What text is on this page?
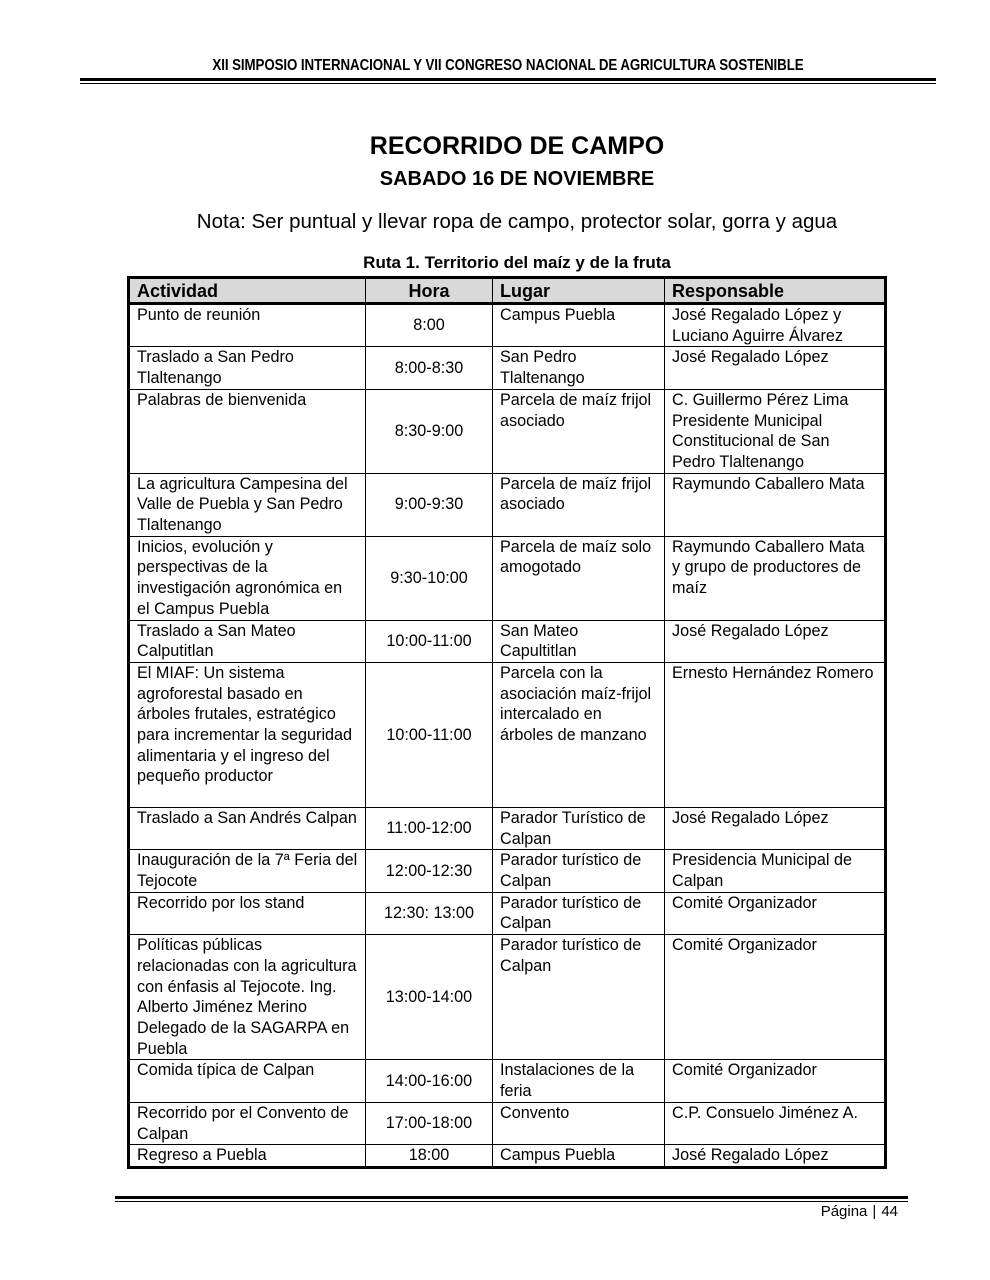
XII SIMPOSIO INTERNACIONAL Y VII CONGRESO NACIONAL DE AGRICULTURA SOSTENIBLE
RECORRIDO DE CAMPO
SABADO 16 DE NOVIEMBRE
Nota: Ser puntual y llevar ropa de campo, protector solar, gorra y agua
Ruta 1. Territorio del maíz y de la fruta
Actividad	Hora	Lugar	Responsable
Punto de reunión	8:00	Campus Puebla	José Regalado López y Luciano Aguirre Álvarez
Traslado a San Pedro Tlaltenango	8:00-8:30	San Pedro Tlaltenango	José Regalado López
Palabras de bienvenida	8:30-9:00	Parcela de maíz frijol asociado	C. Guillermo Pérez Lima Presidente Municipal Constitucional de San Pedro Tlaltenango
La agricultura Campesina del Valle de Puebla y San Pedro Tlaltenango	9:00-9:30	Parcela de maíz frijol asociado	Raymundo Caballero Mata
Inicios, evolución y perspectivas de la investigación agronómica en el Campus Puebla	9:30-10:00	Parcela de maíz solo amogotado	Raymundo Caballero Mata y grupo de productores de maíz
Traslado a San Mateo Calputitlan	10:00-11:00	San Mateo Capultitlan	José Regalado López
El MIAF: Un sistema agroforestal basado en árboles frutales, estratégico para incrementar la seguridad alimentaria y el ingreso del pequeño productor	10:00-11:00	Parcela con la asociación maíz-frijol intercalado en árboles de manzano	Ernesto Hernández Romero
Traslado a San Andrés Calpan	11:00-12:00	Parador Turístico de Calpan	José Regalado López
Inauguración de la 7ª Feria del Tejocote	12:00-12:30	Parador turístico de Calpan	Presidencia Municipal de Calpan
Recorrido por los stand	12:30: 13:00	Parador turístico de Calpan	Comité Organizador
Políticas públicas relacionadas con la agricultura con énfasis al Tejocote. Ing. Alberto Jiménez Merino Delegado de la SAGARPA en Puebla	13:00-14:00	Parador turístico de Calpan	Comité Organizador
Comida típica de Calpan	14:00-16:00	Instalaciones de la feria	Comité Organizador
Recorrido por el Convento de Calpan	17:00-18:00	Convento	C.P. Consuelo Jiménez A.
Regreso a Puebla	18:00	Campus Puebla	José Regalado López
Página | 44
